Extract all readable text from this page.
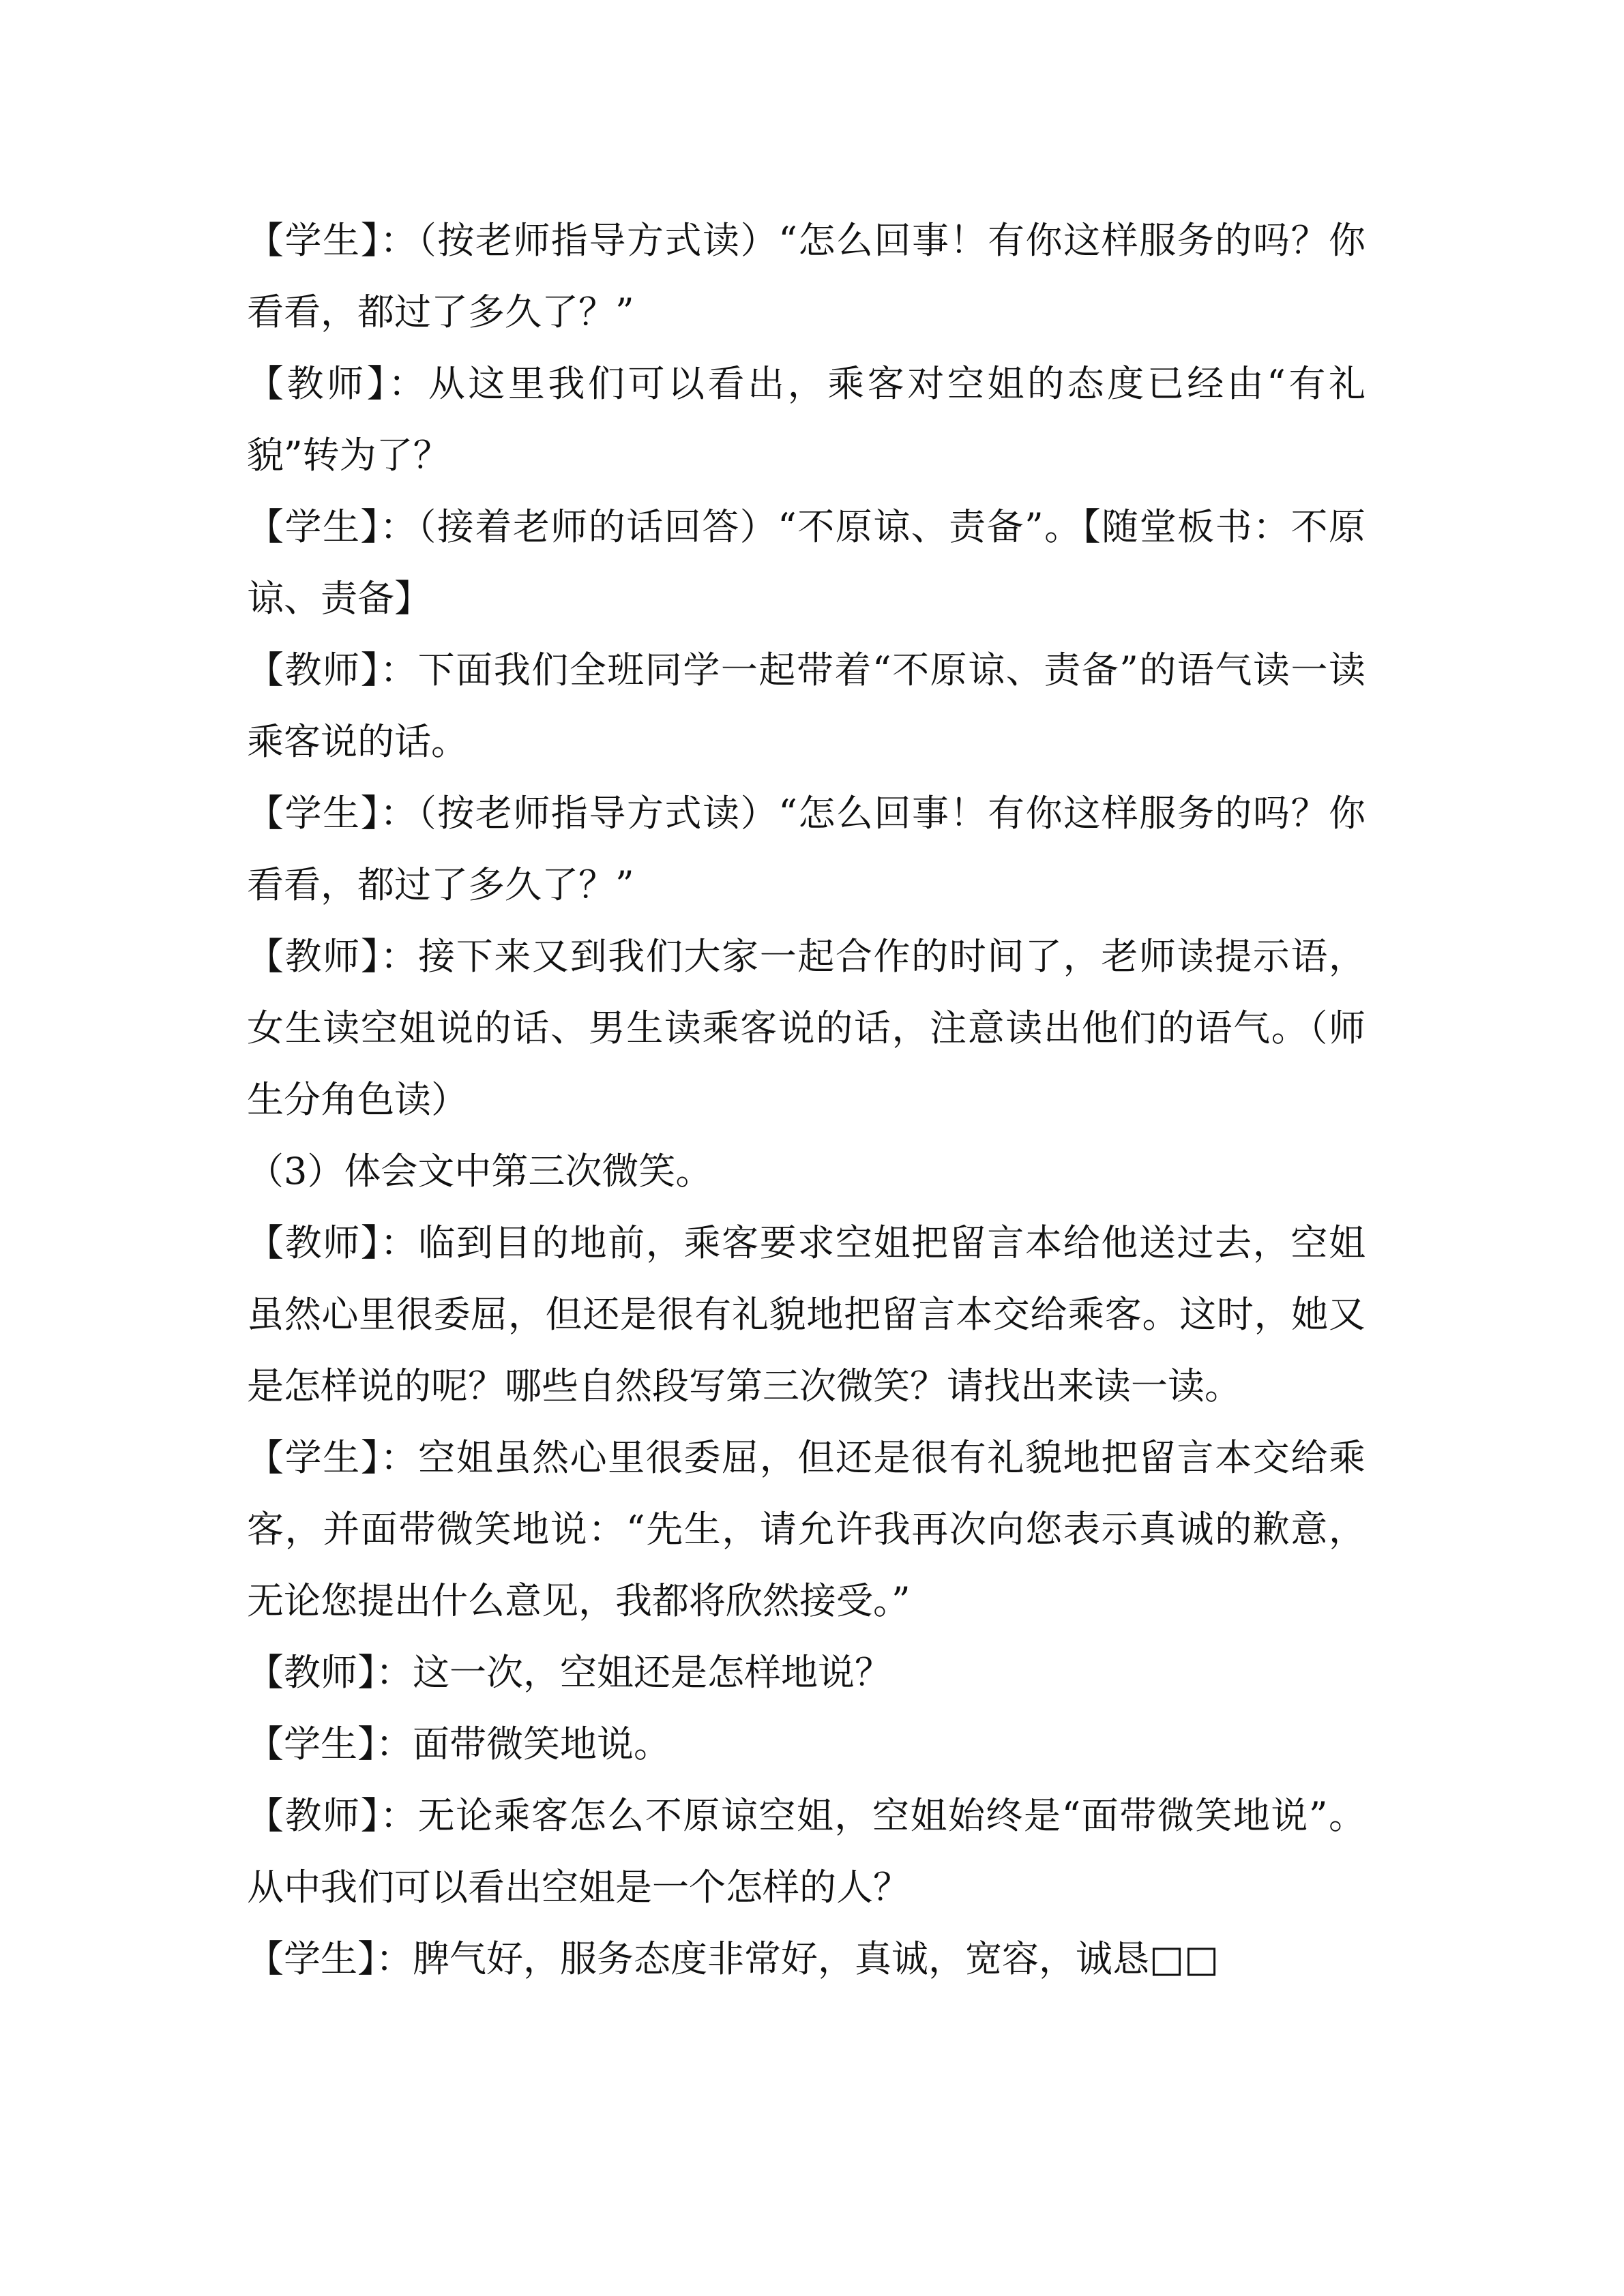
【学生】：（按老师指导方式读）“怎么回事！有你这样服务的吗？你看看，都过了多久了？”

【教师】：从这里我们可以看出，乘客对空姐的态度已经由“有礼貌”转为了？

【学生】：（接着老师的话回答）“不原谅、责备”。【随堂板书：不原谅、责备】

【教师】：下面我们全班同学一起带着“不原谅、责备”的语气读一读乘客说的话。

【学生】：（按老师指导方式读）“怎么回事！有你这样服务的吗？你看看，都过了多久了？”

【教师】：接下来又到我们大家一起合作的时间了，老师读提示语，女生读空姐说的话、男生读乘客说的话，注意读出他们的语气。（师生分角色读）

（3）体会文中第三次微笑。

【教师】：临到目的地前，乘客要求空姐把留言本给他送过去，空姐虽然心里很委屈，但还是很有礼貌地把留言本交给乘客。这时，她又是怎样说的呢？哪些自然段写第三次微笑？请找出来读一读。

【学生】：空姐虽然心里很委屈，但还是很有礼貌地把留言本交给乘客，并面带微笑地说：“先生，请允许我再次向您表示真诚的歉意，无论您提出什么意见，我都将欣然接受。”

【教师】：这一次，空姐还是怎样地说？

【学生】：面带微笑地说。

【教师】：无论乘客怎么不原谅空姐，空姐始终是“面带微笑地说”。从中我们可以看出空姐是一个怎样的人？

【学生】：脾气好，服务态度非常好，真诚，宽容，诚恳□□
